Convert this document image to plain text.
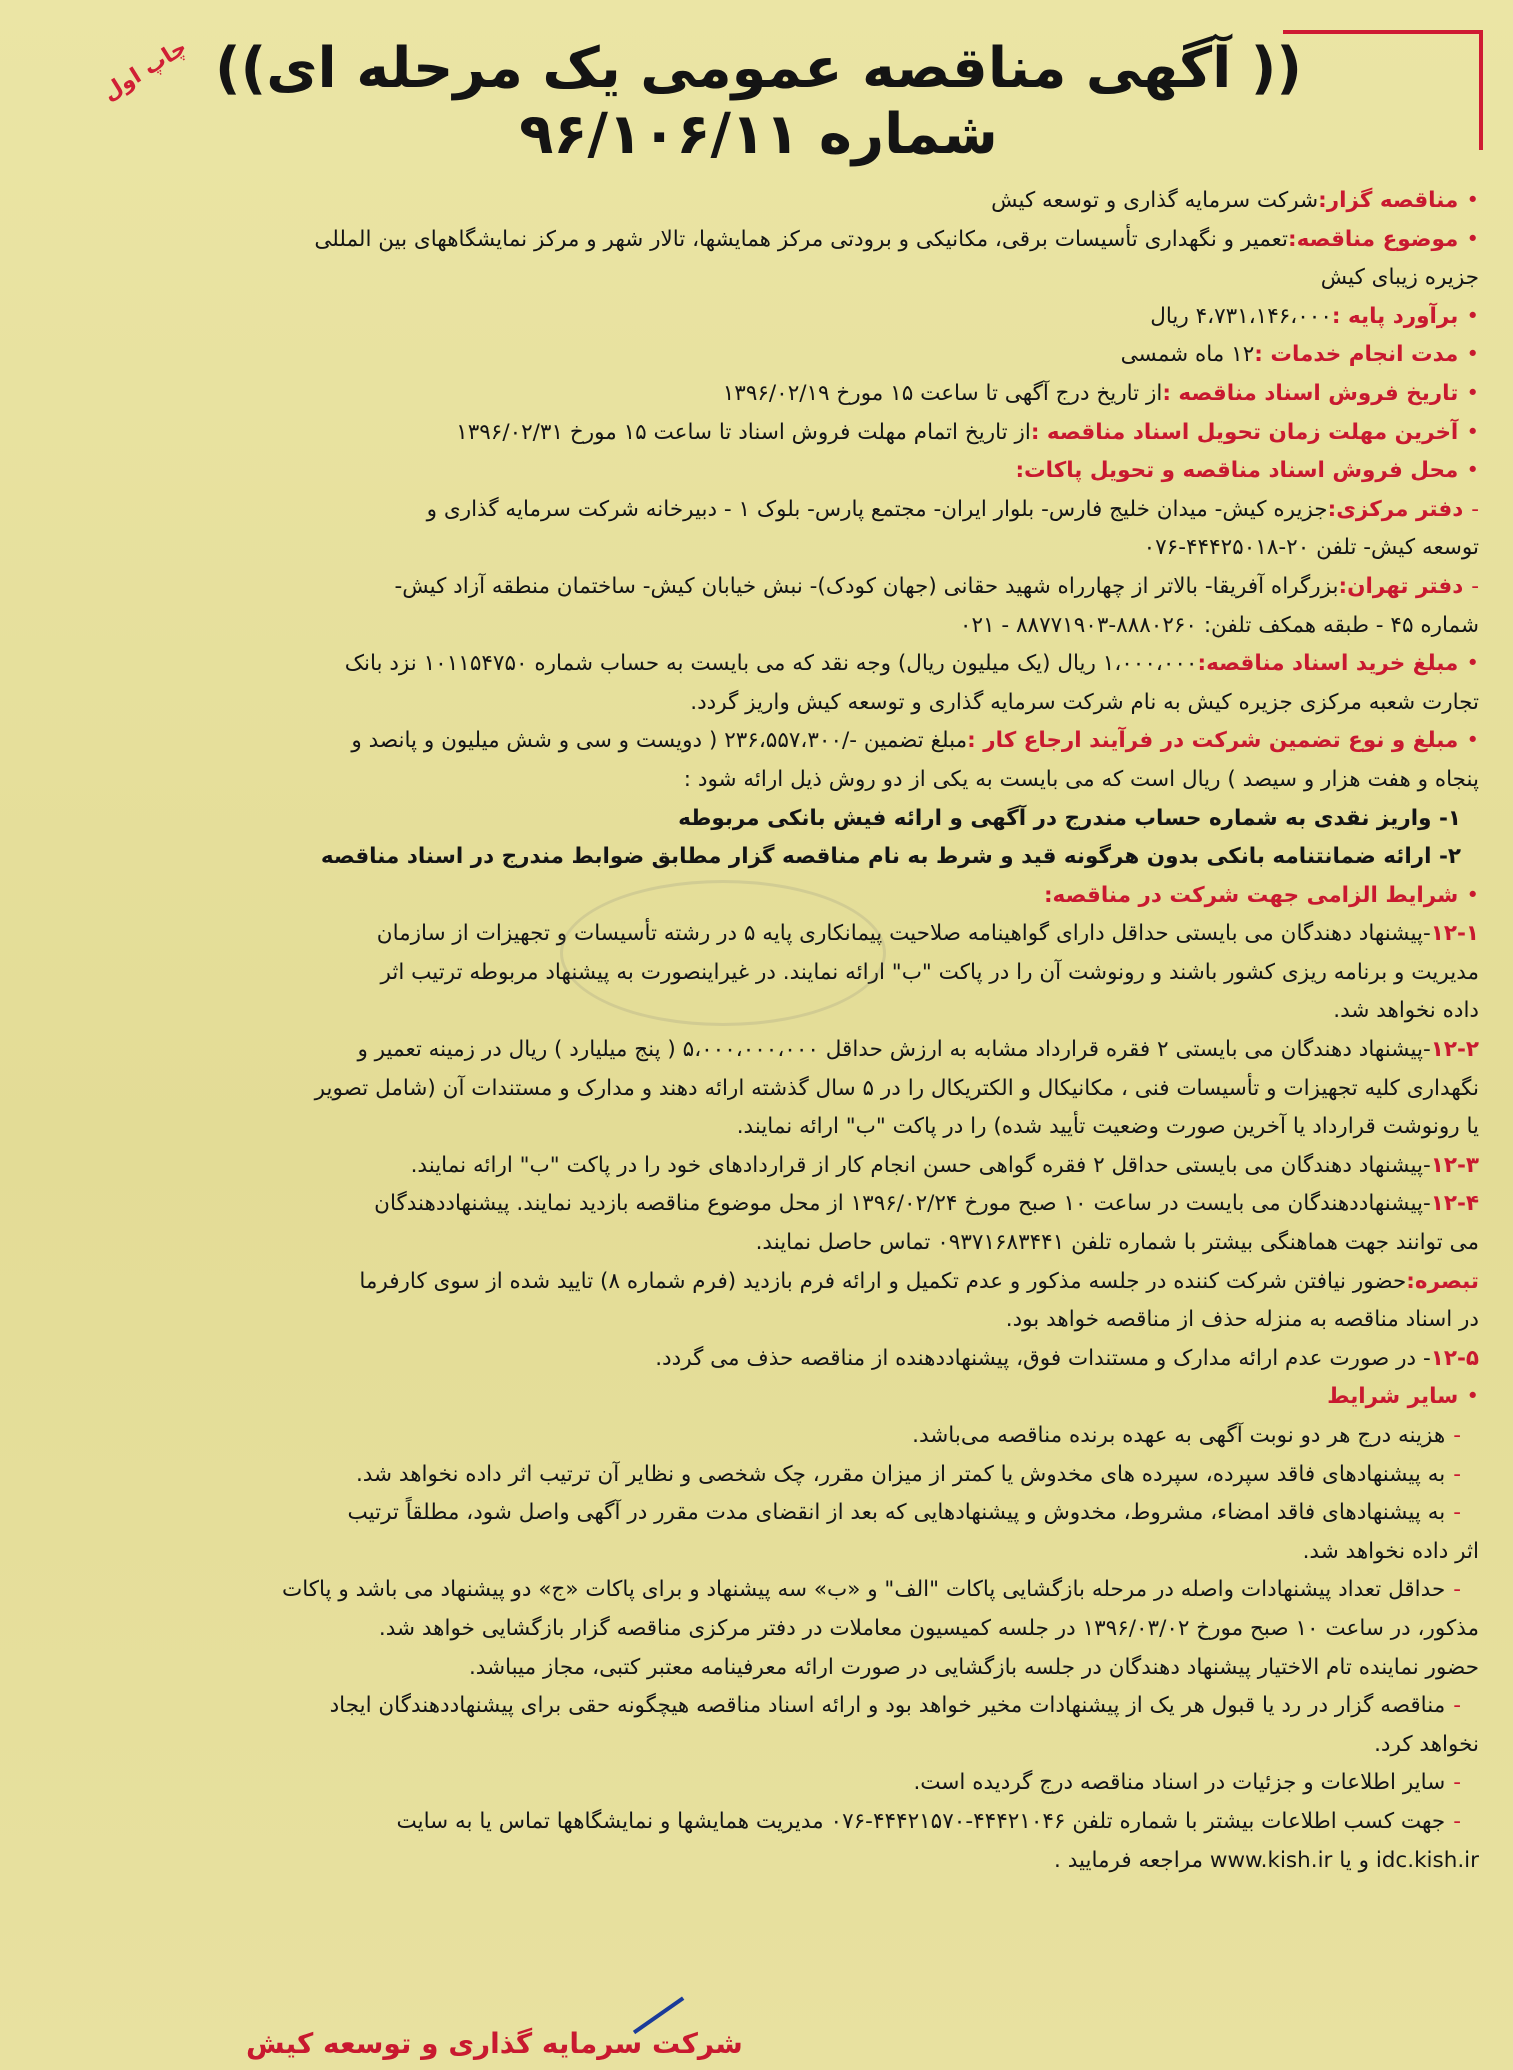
چاپ اول (( آگهی مناقصه عمومی یک مرحله ای))
شماره ۹۶/۱۰۶/۱۱
•مناقصه گزار:شرکت سرمایه گذاری و توسعه کیش
•موضوع مناقصه:تعمیر و نگهداری تأسیسات برقی، مکانیکی و برودتی مرکز همایشها، تالار شهر و مرکز نمایشگاههای بین المللی
جزیره زیبای کیش
•برآورد پایه :۴،۷۳۱،۱۴۶،۰۰۰ ریال
•مدت انجام خدمات :۱۲ ماه شمسی
•تاریخ فروش اسناد مناقصه :از تاریخ درج آگهی تا ساعت ۱۵ مورخ ۱۳۹۶/۰۲/۱۹
•آخرین مهلت زمان تحویل اسناد مناقصه :از تاریخ اتمام مهلت فروش اسناد تا ساعت ۱۵ مورخ ۱۳۹۶/۰۲/۳۱
•محل فروش اسناد مناقصه و تحویل پاکات:
-دفتر مرکزی:جزیره کیش- میدان خلیج فارس- بلوار ایران- مجتمع پارس- بلوک ۱ - دبیرخانه شرکت سرمایه گذاری و
توسعه کیش- تلفن ۲۰-۴۴۴۲۵۰۱۸-۰۷۶
-دفتر تهران:بزرگراه آفریقا- بالاتر از چهارراه شهید حقانی (جهان کودک)- نبش خیابان کیش- ساختمان منطقه آزاد کیش-
شماره ۴۵ - طبقه همکف تلفن: ۸۸۸۰۲۶۰-۸۸۷۷۱۹۰۳ - ۰۲۱
•مبلغ خرید اسناد مناقصه:۱،۰۰۰،۰۰۰ ریال (یک میلیون ریال) وجه نقد که می بایست به حساب شماره ۱۰۱۱۵۴۷۵۰ نزد بانک
تجارت شعبه مرکزی جزیره کیش به نام شرکت سرمایه گذاری و توسعه کیش واریز گردد.
•مبلغ و نوع تضمین شرکت در فرآیند ارجاع کار :مبلغ تضمین -/۲۳۶،۵۵۷،۳۰۰ ( دویست و سی و شش میلیون و پانصد و
پنجاه و هفت هزار و سیصد ) ریال است که می بایست به یکی از دو روش ذیل ارائه شود :
۱- واریز نقدی به شماره حساب مندرج در آگهی و ارائه فیش بانکی مربوطه
۲- ارائه ضمانتنامه بانکی بدون هرگونه قید و شرط به نام مناقصه گزار مطابق ضوابط مندرج در اسناد مناقصه
•شرایط الزامی جهت شرکت در مناقصه:
۱۲-۱-پیشنهاد دهندگان می بایستی حداقل دارای گواهینامه صلاحیت پیمانکاری پایه ۵ در رشته تأسیسات و تجهیزات از سازمان
مدیریت و برنامه ریزی کشور باشند و رونوشت آن را در پاکت "ب" ارائه نمایند. در غیراینصورت به پیشنهاد مربوطه ترتیب اثر
داده نخواهد شد.
۱۲-۲-پیشنهاد دهندگان می بایستی ۲ فقره قرارداد مشابه به ارزش حداقل ۵،۰۰۰،۰۰۰،۰۰۰ ( پنج میلیارد ) ریال در زمینه تعمیر و
نگهداری کلیه تجهیزات و تأسیسات فنی ، مکانیکال و الکتریکال را در ۵ سال گذشته ارائه دهند و مدارک و مستندات آن (شامل تصویر
یا رونوشت قرارداد یا آخرین صورت وضعیت تأیید شده) را در پاکت "ب" ارائه نمایند.
۱۲-۳-پیشنهاد دهندگان می بایستی حداقل ۲ فقره گواهی حسن انجام کار از قراردادهای خود را در پاکت "ب" ارائه نمایند.
۱۲-۴-پیشنهاددهندگان می بایست در ساعت ۱۰ صبح مورخ ۱۳۹۶/۰۲/۲۴ از محل موضوع مناقصه بازدید نمایند. پیشنهاددهندگان
می توانند جهت هماهنگی بیشتر با شماره تلفن ۰۹۳۷۱۶۸۳۴۴۱ تماس حاصل نمایند.
تبصره:حضور نیافتن شرکت کننده در جلسه مذکور و عدم تکمیل و ارائه فرم بازدید (فرم شماره ۸) تایید شده از سوی کارفرما
در اسناد مناقصه به منزله حذف از مناقصه خواهد بود.
۱۲-۵- در صورت عدم ارائه مدارک و مستندات فوق، پیشنهاددهنده از مناقصه حذف می گردد.
•سایر شرایط
-هزینه درج هر دو نوبت آگهی به عهده برنده مناقصه می‌باشد.
-به پیشنهادهای فاقد سپرده، سپرده های مخدوش یا کمتر از میزان مقرر، چک شخصی و نظایر آن ترتیب اثر داده نخواهد شد.
-به پیشنهادهای فاقد امضاء، مشروط، مخدوش و پیشنهادهایی که بعد از انقضای مدت مقرر در آگهی واصل شود، مطلقاً ترتیب
اثر داده نخواهد شد.
-حداقل تعداد پیشنهادات واصله در مرحله بازگشایی پاکات "الف" و «ب» سه پیشنهاد و برای پاکات «ج» دو پیشنهاد می باشد و پاکات
مذکور، در ساعت ۱۰ صبح مورخ ۱۳۹۶/۰۳/۰۲ در جلسه کمیسیون معاملات در دفتر مرکزی مناقصه گزار بازگشایی خواهد شد.
حضور نماینده تام الاختیار پیشنهاد دهندگان در جلسه بازگشایی در صورت ارائه معرفینامه معتبر کتبی، مجاز میباشد.
-مناقصه گزار در رد یا قبول هر یک از پیشنهادات مخیر خواهد بود و ارائه اسناد مناقصه هیچگونه حقی برای پیشنهاددهندگان ایجاد
نخواهد کرد.
-سایر اطلاعات و جزئیات در اسناد مناقصه درج گردیده است.
-جهت کسب اطلاعات بیشتر با شماره تلفن ۴۴۴۲۱۰۴۶-۴۴۴۲۱۵۷۰-۰۷۶ مدیریت همایشها و نمایشگاهها تماس یا به سایت
idc.kish.ir و یا www.kish.ir مراجعه فرمایید .
شرکت سرمایه گذاری و توسعه کیش
